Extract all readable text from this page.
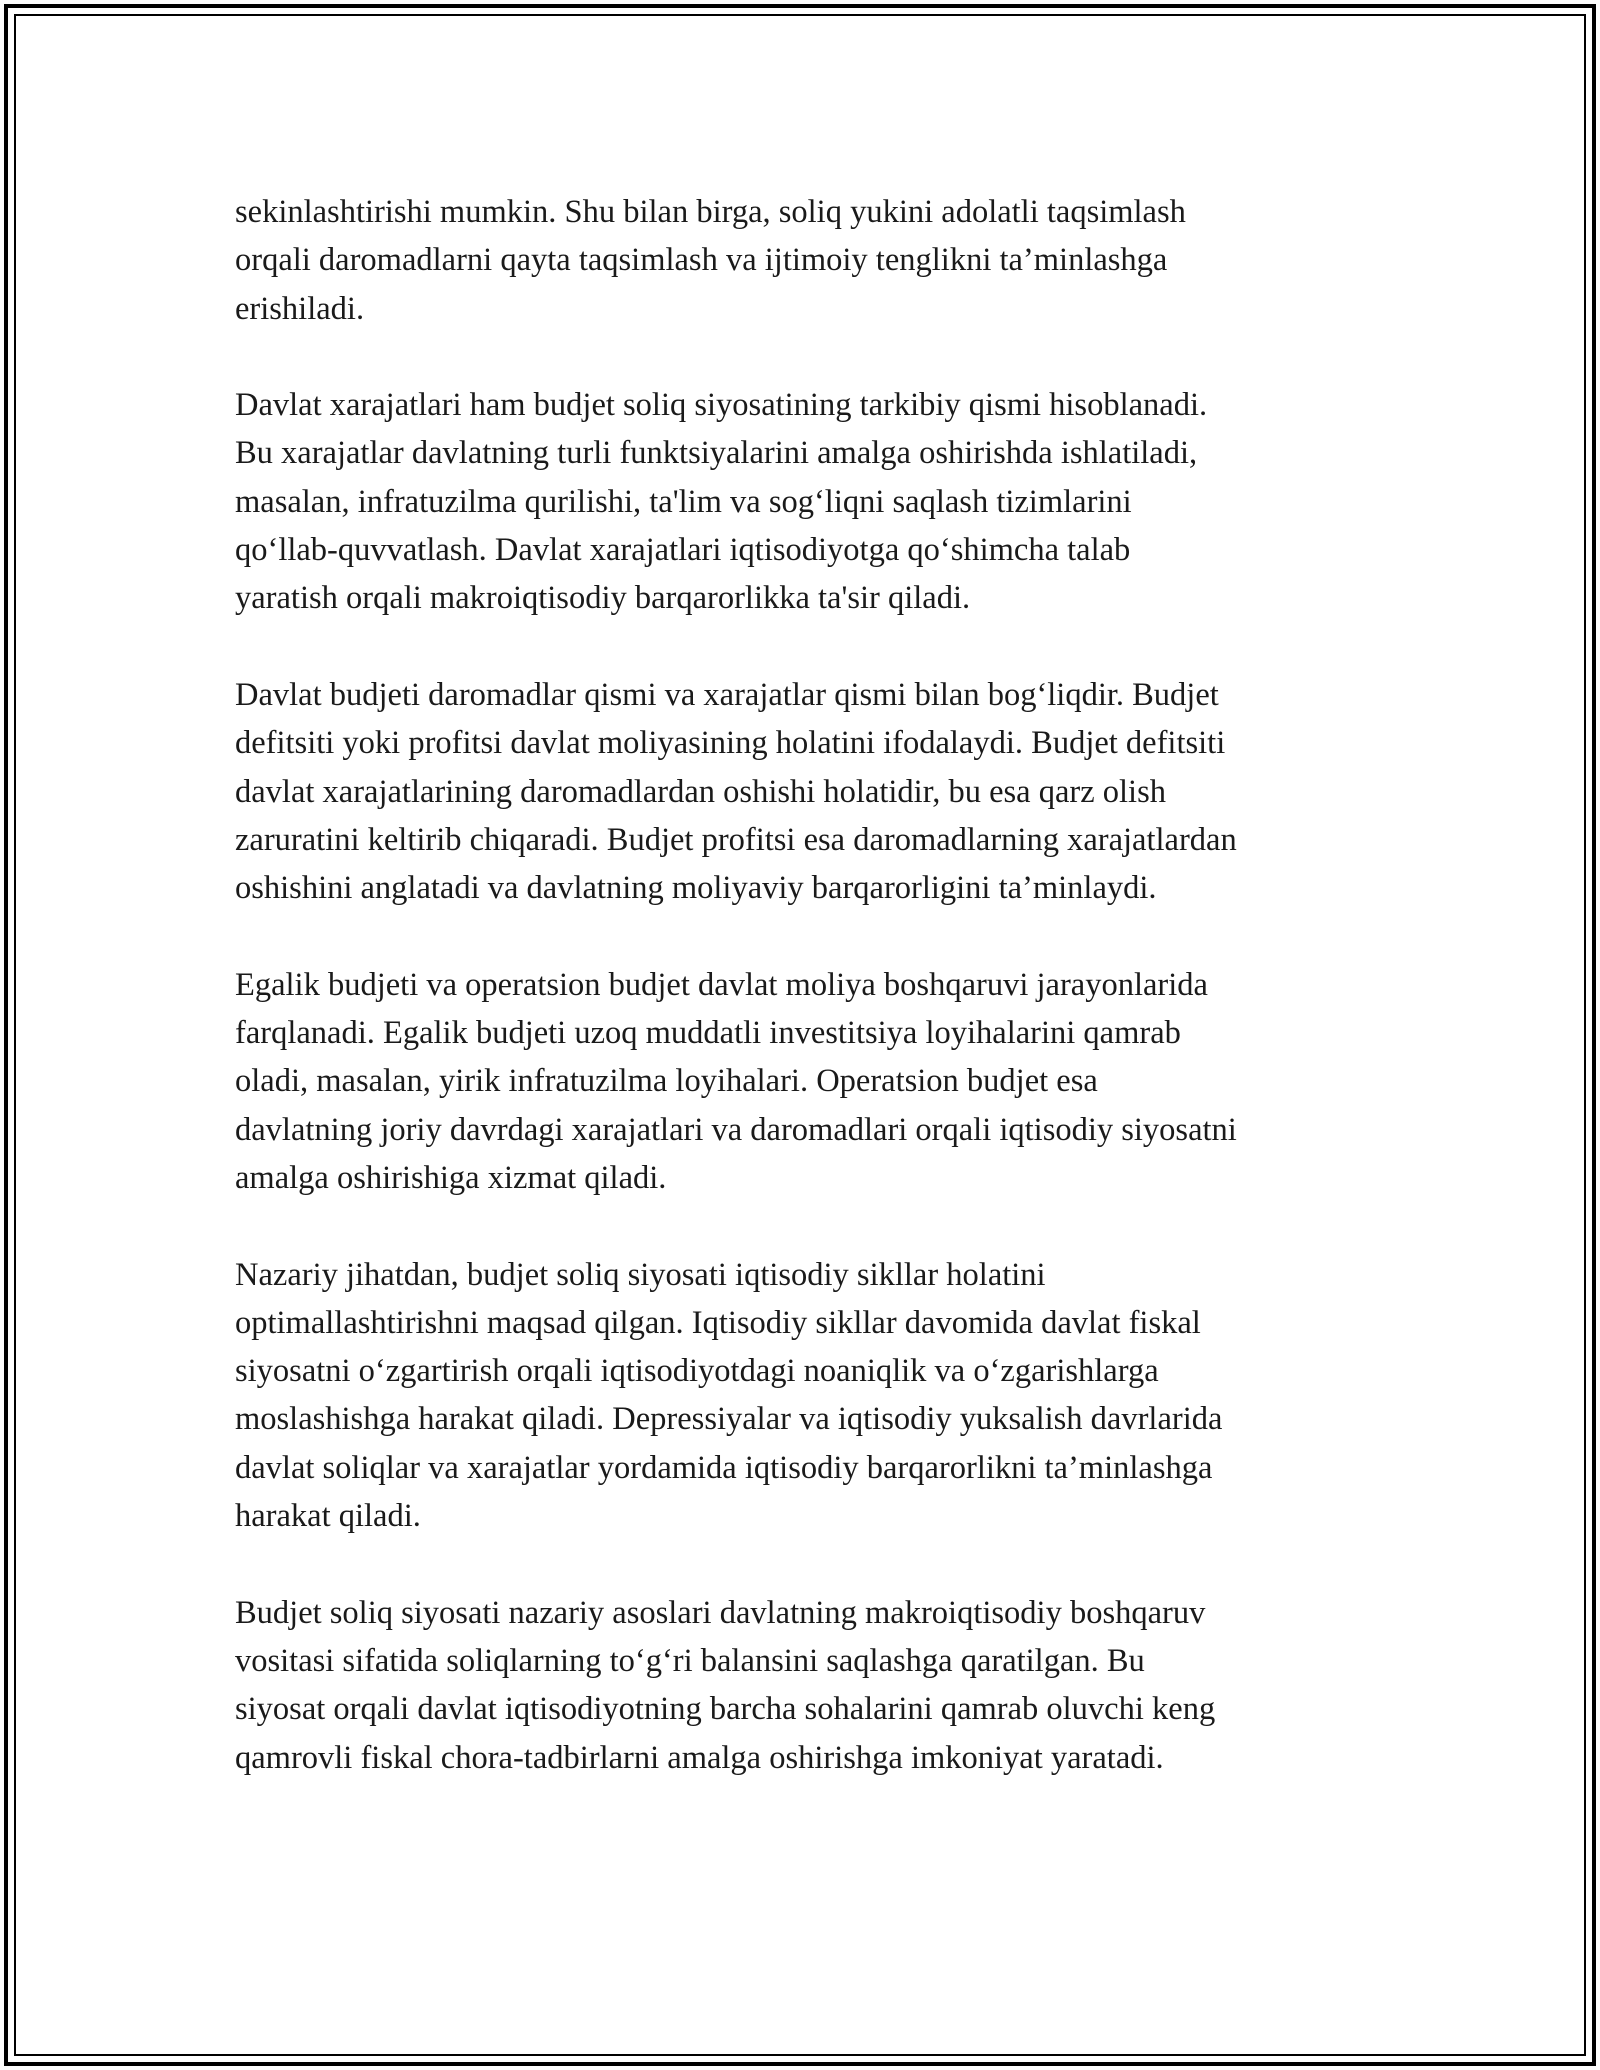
sekinlashtirishi mumkin. Shu bilan birga, soliq yukini adolatli taqsimlash
orqali daromadlarni qayta taqsimlash va ijtimoiy tenglikni ta’minlashga
erishiladi.

Davlat xarajatlari ham budjet soliq siyosatining tarkibiy qismi hisoblanadi.
Bu xarajatlar davlatning turli funktsiyalarini amalga oshirishda ishlatiladi,
masalan, infratuzilma qurilishi, ta'lim va sog‘liqni saqlash tizimlarini
qo‘llab-quvvatlash. Davlat xarajatlari iqtisodiyotga qo‘shimcha talab
yaratish orqali makroiqtisodiy barqarorlikka ta'sir qiladi.

Davlat budjeti daromadlar qismi va xarajatlar qismi bilan bog‘liqdir. Budjet
defitsiti yoki profitsi davlat moliyasining holatini ifodalaydi. Budjet defitsiti
davlat xarajatlarining daromadlardan oshishi holatidir, bu esa qarz olish
zaruratini keltirib chiqaradi. Budjet profitsi esa daromadlarning xarajatlardan
oshishini anglatadi va davlatning moliyaviy barqarorligini ta’minlaydi.

Egalik budjeti va operatsion budjet davlat moliya boshqaruvi jarayonlarida
farqlanadi. Egalik budjeti uzoq muddatli investitsiya loyihalarini qamrab
oladi, masalan, yirik infratuzilma loyihalari. Operatsion budjet esa
davlatning joriy davrdagi xarajatlari va daromadlari orqali iqtisodiy siyosatni
amalga oshirishiga xizmat qiladi.

Nazariy jihatdan, budjet soliq siyosati iqtisodiy sikllar holatini
optimallashtirishni maqsad qilgan. Iqtisodiy sikllar davomida davlat fiskal
siyosatni o‘zgartirish orqali iqtisodiyotdagi noaniqlik va o‘zgarishlarga
moslashishga harakat qiladi. Depressiyalar va iqtisodiy yuksalish davrlarida
davlat soliqlar va xarajatlar yordamida iqtisodiy barqarorlikni ta’minlashga
harakat qiladi.

Budjet soliq siyosati nazariy asoslari davlatning makroiqtisodiy boshqaruv
vositasi sifatida soliqlarning to‘g‘ri balansini saqlashga qaratilgan. Bu
siyosat orqali davlat iqtisodiyotning barcha sohalarini qamrab oluvchi keng
qamrovli fiskal chora-tadbirlarni amalga oshirishga imkoniyat yaratadi.
